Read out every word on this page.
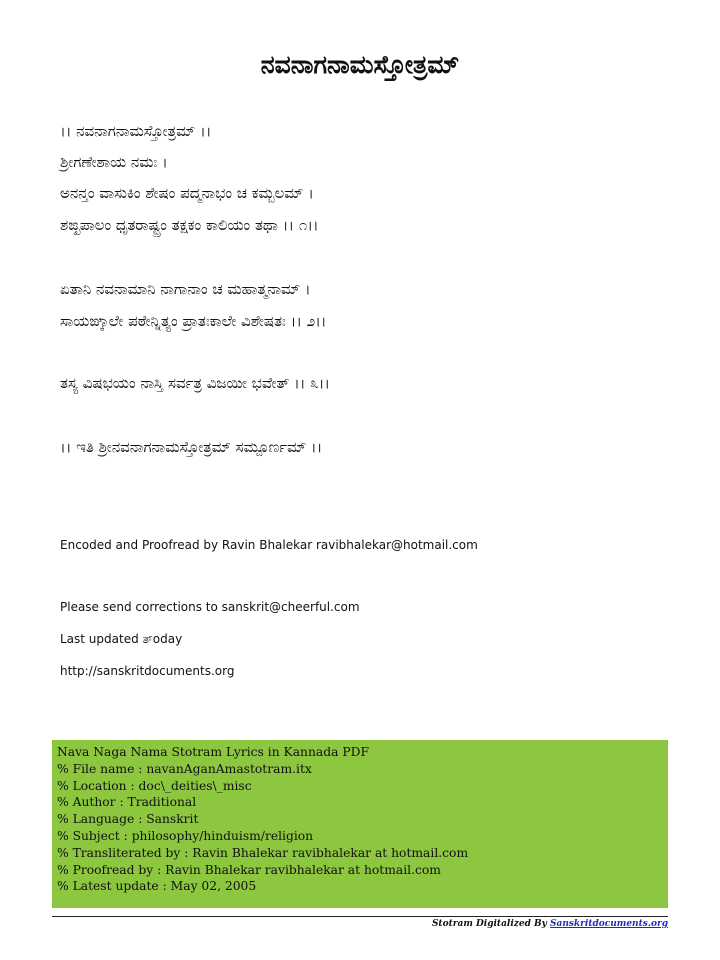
ನವನಾಗನಾಮಸ್ತೋತ್ರಮ್
।। ನವನಾಗನಾಮಸ್ತೋತ್ರಮ್ ।।
ಶ್ರೀಗಣೇಶಾಯ ನಮಃ ।
ಅನನ್ತಂ ವಾಸುಕಿಂ ಶೇಷಂ ಪದ್ಮನಾಭಂ ಚ ಕಮ್ಬಲಮ್ ।
ಶಙ್ಖಪಾಲಂ ಧೃತರಾಷ್ಟ್ರಂ ತಕ್ಷಕಂ ಕಾಲಿಯಂ ತಥಾ ।। ೧।।
ಏತಾನಿ ನವನಾಮಾನಿ ನಾಗಾನಾಂ ಚ ಮಹಾತ್ಮನಾಮ್ ।
ಸಾಯಙ್ಕಾಲೇ ಪಠೇನ್ನಿತ್ಯಂ ಪ್ರಾತಃಕಾಲೇ ವಿಶೇಷತಃ ।। ೨।।
ತಸ್ಯ ವಿಷಭಯಂ ನಾಸ್ತಿ ಸರ್ವತ್ರ ವಿಜಯೀ ಭವೇತ್ ।। ೩।।
।। ಇತಿ ಶ್ರೀನವನಾಗನಾಮಸ್ತೋತ್ರಮ್ ಸಮ್ಪೂರ್ಣಮ್ ।।
Encoded and Proofread by Ravin Bhalekar ravibhalekar@hotmail.com
Please send corrections to sanskrit@cheerful.com
Last updated ತ್oday
http://sanskritdocuments.org
Nava Naga Nama Stotram Lyrics in Kannada PDF
% File name : navanAganAmastotram.itx
% Location : doc\_deities\_misc
% Author : Traditional
% Language : Sanskrit
% Subject : philosophy/hinduism/religion
% Transliterated by : Ravin Bhalekar ravibhalekar at hotmail.com
% Proofread by : Ravin Bhalekar ravibhalekar at hotmail.com
% Latest update : May 02, 2005
Stotram Digitalized By Sanskritdocuments.org
